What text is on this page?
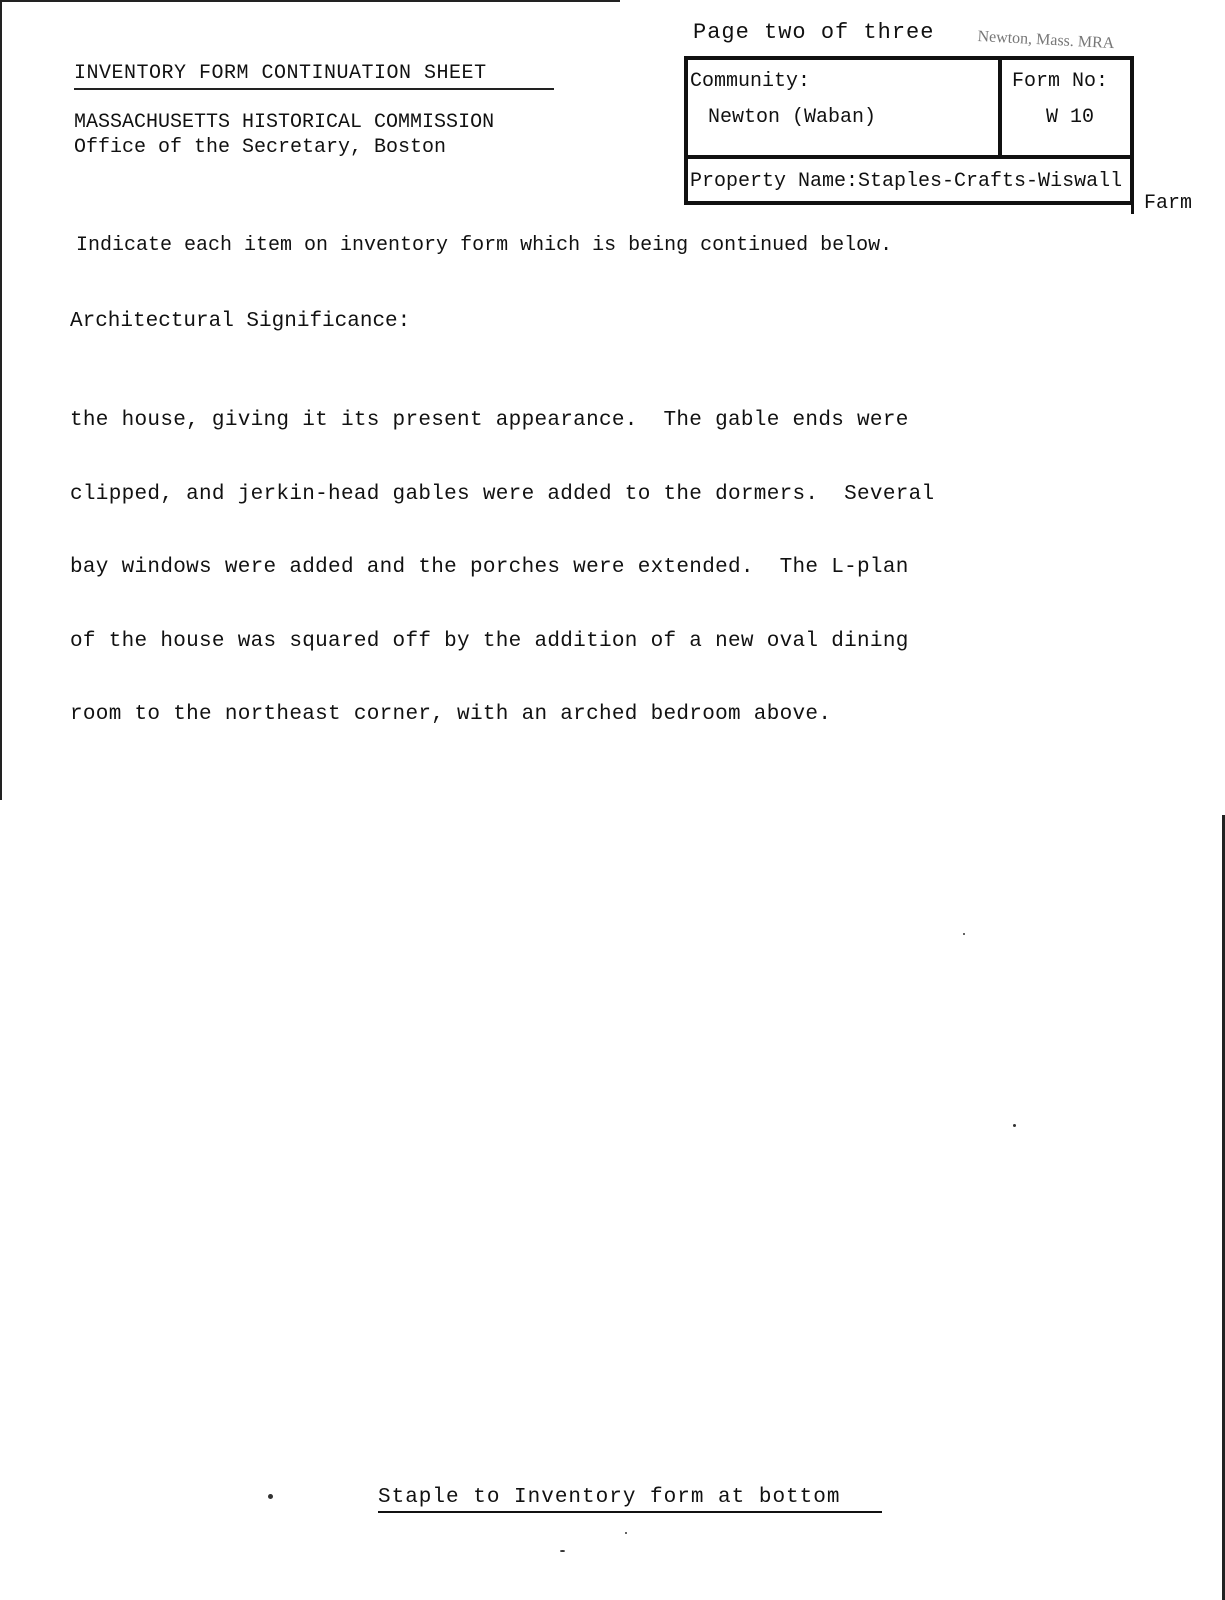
Page two of three	Newton, Mass. MRA
INVENTORY FORM CONTINUATION SHEET
MASSACHUSETTS HISTORICAL COMMISSION
Office of the Secretary, Boston
Community:
Newton (Waban)
Form No:
W 10
Property Name:Staples-Crafts-Wiswall
Farm
Indicate each item on inventory form which is being continued below.
Architectural Significance:

the house, giving it its present appearance.  The gable ends were

clipped, and jerkin-head gables were added to the dormers.  Several

bay windows were added and the porches were extended.  The L-plan

of the house was squared off by the addition of a new oval dining

room to the northeast corner, with an arched bedroom above.

Staple to Inventory form at bottom
